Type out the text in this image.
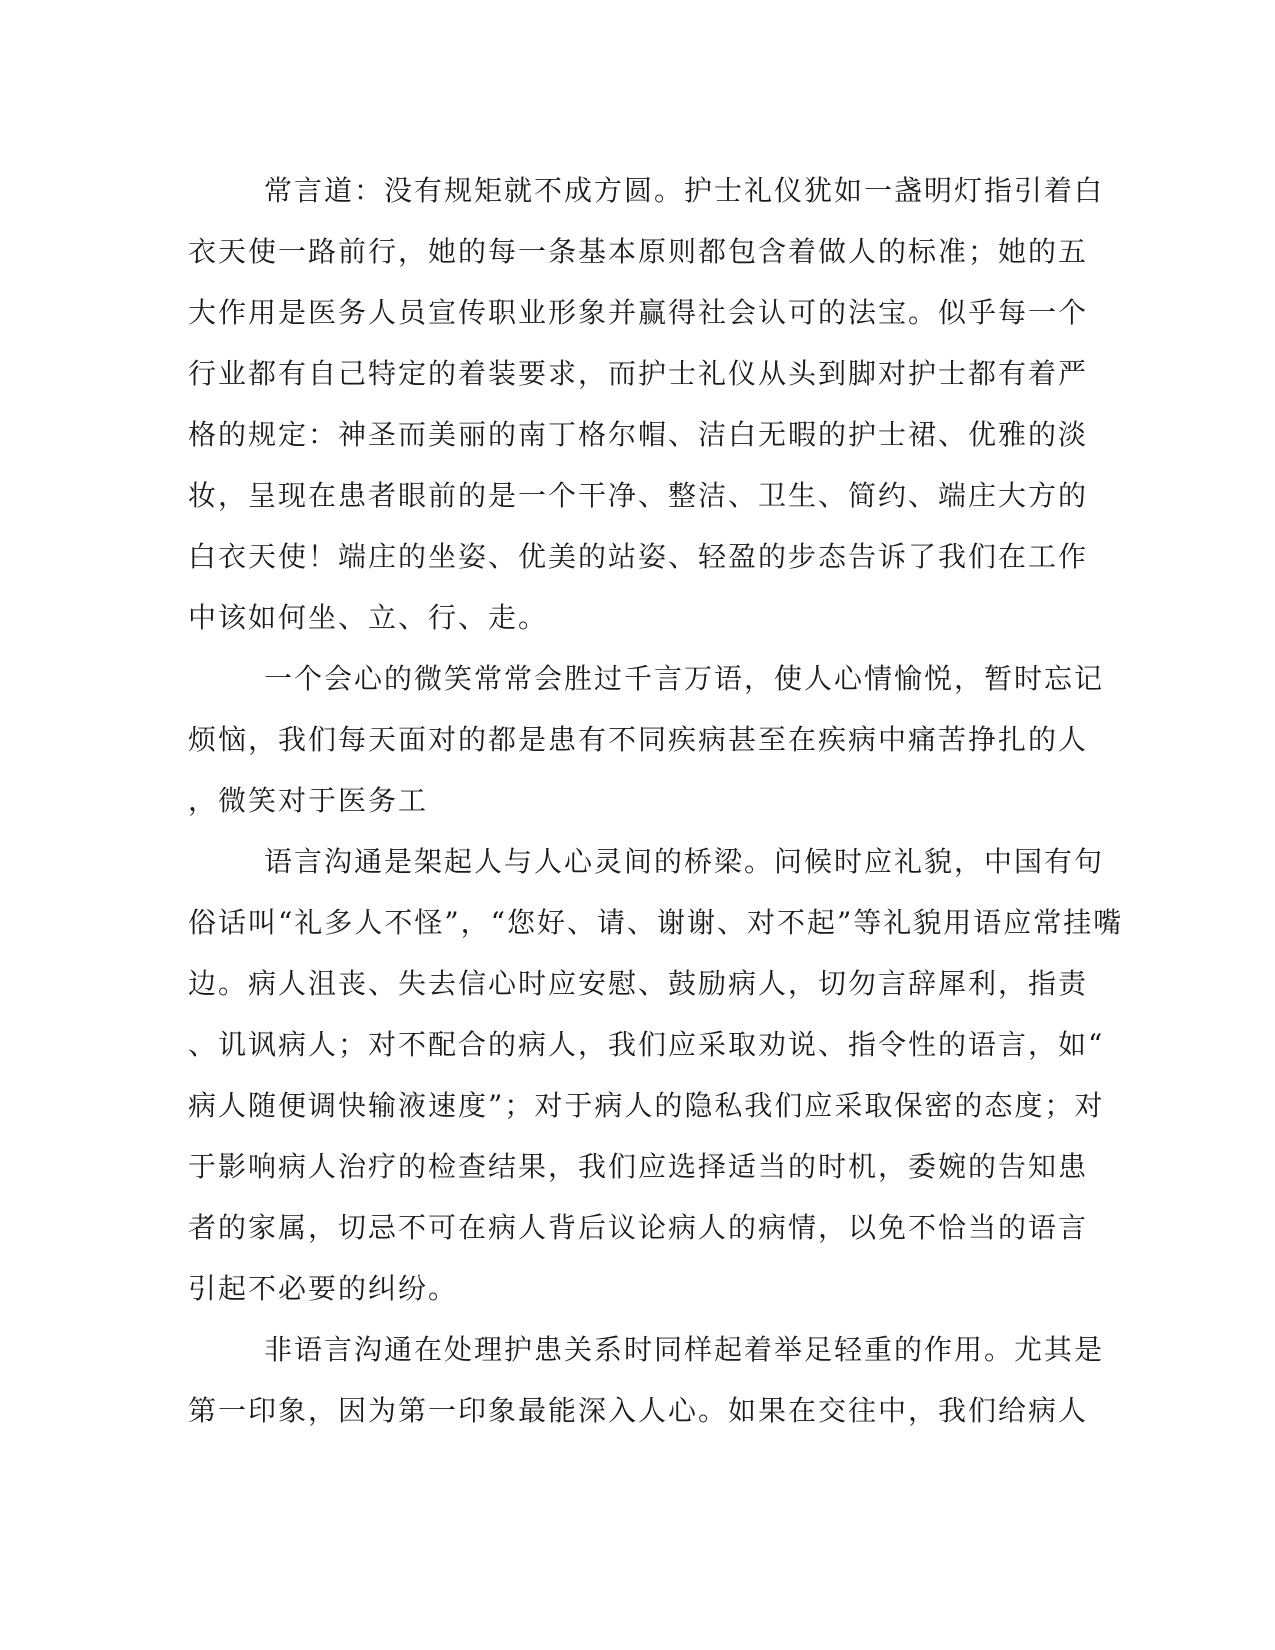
常言道：没有规矩就不成方圆。护士礼仪犹如一盏明灯指引着白
衣天使一路前行，她的每一条基本原则都包含着做人的标准；她的五
大作用是医务人员宣传职业形象并赢得社会认可的法宝。似乎每一个
行业都有自己特定的着装要求，而护士礼仪从头到脚对护士都有着严
格的规定：神圣而美丽的南丁格尔帽、洁白无暇的护士裙、优雅的淡
妆，呈现在患者眼前的是一个干净、整洁、卫生、简约、端庄大方的
白衣天使！端庄的坐姿、优美的站姿、轻盈的步态告诉了我们在工作
中该如何坐、立、行、走。
一个会心的微笑常常会胜过千言万语，使人心情愉悦，暂时忘记
烦恼，我们每天面对的都是患有不同疾病甚至在疾病中痛苦挣扎的人
，微笑对于医务工
语言沟通是架起人与人心灵间的桥梁。问候时应礼貌，中国有句
俗话叫“礼多人不怪”，“您好、请、谢谢、对不起”等礼貌用语应常挂嘴
边。病人沮丧、失去信心时应安慰、鼓励病人，切勿言辞犀利，指责
、讥讽病人；对不配合的病人，我们应采取劝说、指令性的语言，如“
病人随便调快输液速度”；对于病人的隐私我们应采取保密的态度；对
于影响病人治疗的检查结果，我们应选择适当的时机，委婉的告知患
者的家属，切忌不可在病人背后议论病人的病情，以免不恰当的语言
引起不必要的纠纷。
非语言沟通在处理护患关系时同样起着举足轻重的作用。尤其是
第一印象，因为第一印象最能深入人心。如果在交往中，我们给病人
